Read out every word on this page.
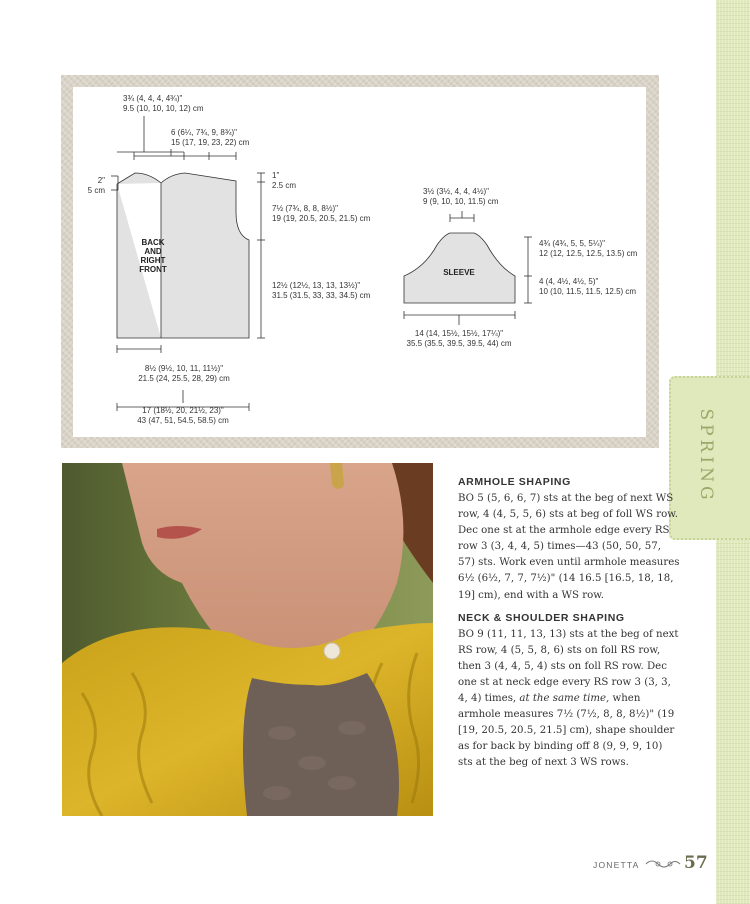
SPRING
BACK
AND
RIGHT
FRONT	SLEEVE
3¾ (4, 4, 4, 4¾)"
9.5 (10, 10, 10, 12) cm
6 (6¼, 7¾, 9, 8¾)"
15 (17, 19, 23, 22) cm
2"
5 cm
1"
2.5 cm
7½ (7¾, 8, 8, 8½)"
19 (19, 20.5, 20.5, 21.5) cm
12½ (12½, 13, 13, 13½)"
31.5 (31.5, 33, 33, 34.5) cm
8½ (9½, 10, 11, 11½)"
21.5 (24, 25.5, 28, 29) cm
17 (18½, 20, 21½, 23)"
43 (47, 51, 54.5, 58.5) cm
3½ (3½, 4, 4, 4½)"
9 (9, 10, 10, 11.5) cm
4¾ (4¾, 5, 5, 5¼)"
12 (12, 12.5, 12.5, 13.5) cm
4 (4, 4½, 4½, 5)"
10 (10, 11.5, 11.5, 12.5) cm
14 (14, 15½, 15½, 17¼)"
35.5 (35.5, 39.5, 39.5, 44) cm
ARMHOLE SHAPING

BO 5 (5, 6, 6, 7) sts at the beg of next WS row, 4 (4, 5, 5, 6) sts at beg of foll WS row. Dec one st at the armhole edge every RS row 3 (3, 4, 4, 5) times—43 (50, 50, 57, 57) sts. Work even until armhole measures 6½ (6½, 7, 7, 7½)" (14 16.5 [16.5, 18, 18, 19] cm), end with a WS row.

NECK & SHOULDER SHAPING

BO 9 (11, 11, 13, 13) sts at the beg of next RS row, 4 (5, 5, 8, 6) sts on foll RS row, then 3 (4, 4, 5, 4) sts on foll RS row. Dec one st at neck edge every RS row 3 (3, 3, 4, 4) times, at the same time, when armhole measures 7½ (7½, 8, 8, 8½)" (19 [19, 20.5, 20.5, 21.5] cm), shape shoulder as for back by binding off 8 (9, 9, 9, 10) sts at the beg of next 3 WS rows.

JONETTA	57
